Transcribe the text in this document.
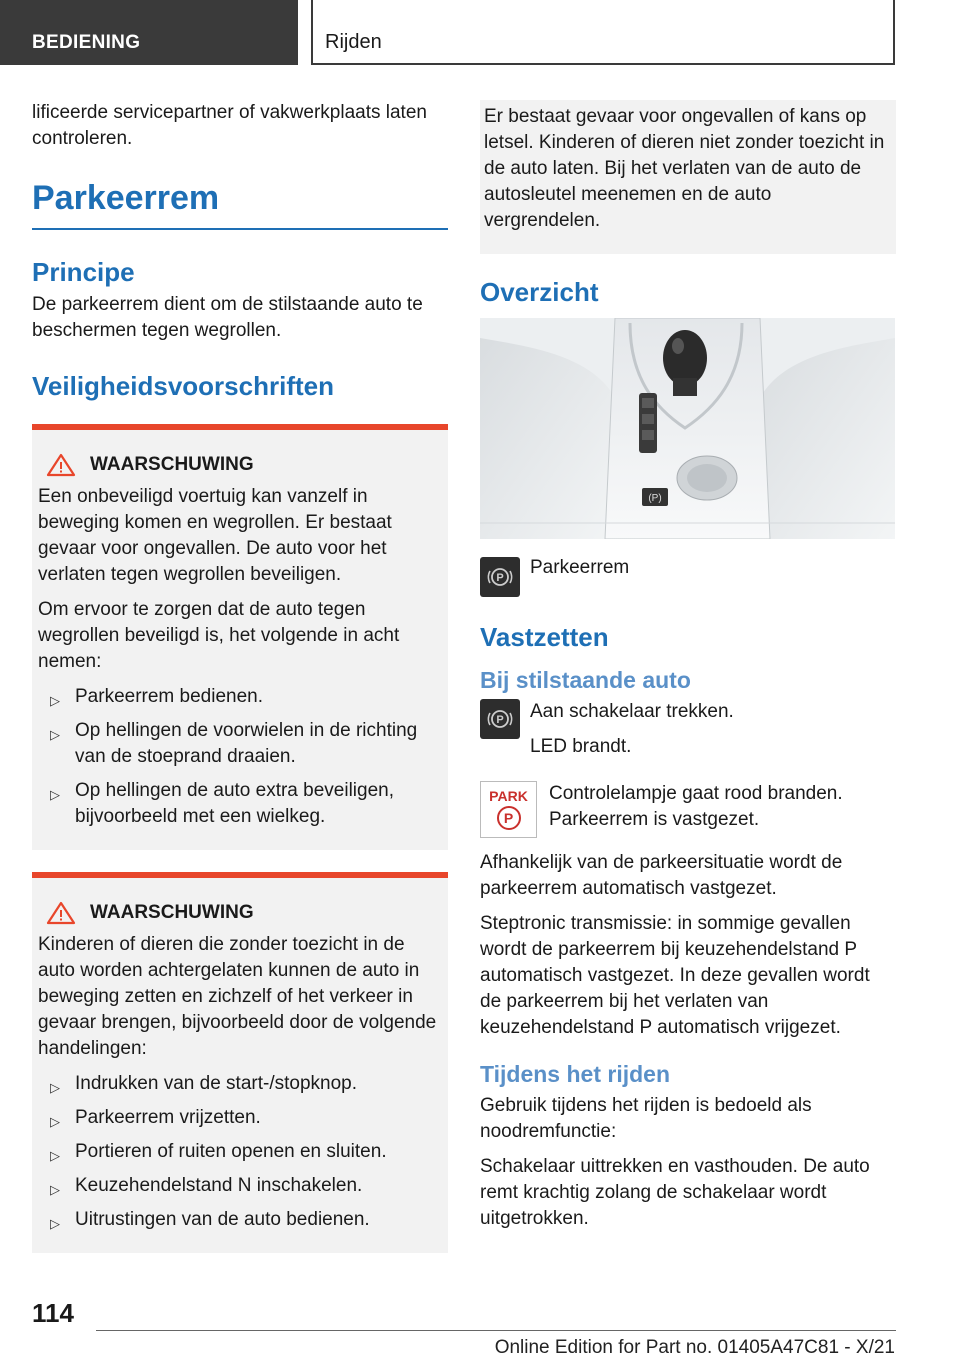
BEDIENING	Rijden

lificeerde servicepartner of vakwerkplaats laten controleren.

Parkeerrem
Principe

De parkeerrem dient om de stilstaande auto te beschermen tegen wegrollen.

Veiligheidsvoorschriften
WAARSCHUWING

Een onbeveiligd voertuig kan vanzelf in beweging komen en wegrollen. Er bestaat gevaar voor ongevallen. De auto voor het verlaten tegen wegrollen beveiligen.

Om ervoor te zorgen dat de auto tegen wegrollen beveiligd is, het volgende in acht nemen:

▷ Parkeerrem bedienen.
▷ Op hellingen de voorwielen in de richting van de stoeprand draaien.
▷ Op hellingen de auto extra beveiligen, bijvoorbeeld met een wielkeg.
WAARSCHUWING

Kinderen of dieren die zonder toezicht in de auto worden achtergelaten kunnen de auto in beweging zetten en zichzelf of het verkeer in gevaar brengen, bijvoorbeeld door de volgende handelingen:

▷ Indrukken van de start-/stopknop.
▷ Parkeerrem vrijzetten.
▷ Portieren of ruiten openen en sluiten.
▷ Keuzehendelstand N inschakelen.
▷ Uitrustingen van de auto bedienen.

Er bestaat gevaar voor ongevallen of kans op letsel. Kinderen of dieren niet zonder toezicht in de auto laten. Bij het verlaten van de auto de autosleutel meenemen en de auto vergrendelen.

Overzicht
(P)
P Parkeerrem
Vastzetten
Bij stilstaande auto
P Aan schakelaar trekken.

LED brandt.

PARK
P

Controlelampje gaat rood branden. Parkeerrem is vastgezet.

Afhankelijk van de parkeersituatie wordt de parkeerrem automatisch vastgezet.

Steptronic transmissie: in sommige gevallen wordt de parkeerrem bij keuzehendelstand P automatisch vastgezet. In deze gevallen wordt de parkeerrem bij het verlaten van keuzehendelstand P automatisch vrijgezet.

Tijdens het rijden

Gebruik tijdens het rijden is bedoeld als noodremfunctie:

Schakelaar uittrekken en vasthouden. De auto remt krachtig zolang de schakelaar wordt uitgetrokken.

114
Online Edition for Part no. 01405A47C81 - X/21
